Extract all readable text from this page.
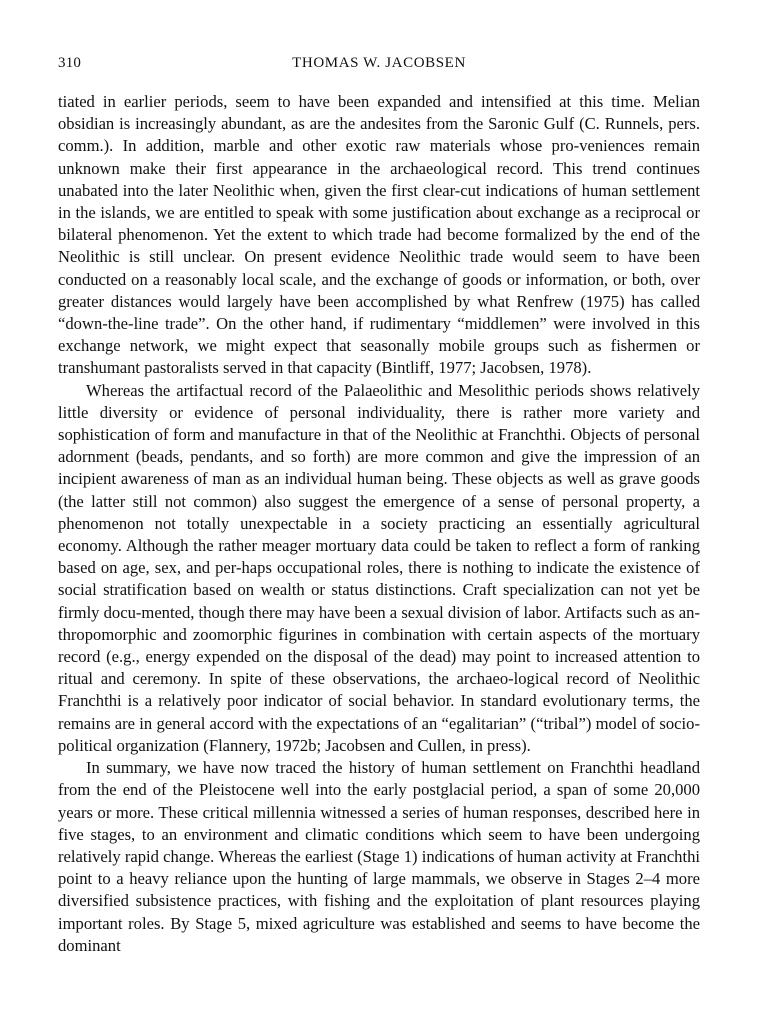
310	THOMAS W. JACOBSEN

tiated in earlier periods, seem to have been expanded and intensified at this time. Melian obsidian is increasingly abundant, as are the andesites from the Saronic Gulf (C. Runnels, pers. comm.). In addition, marble and other exotic raw materials whose pro-veniences remain unknown make their first appearance in the archaeological record. This trend continues unabated into the later Neolithic when, given the first clear-cut indications of human settlement in the islands, we are entitled to speak with some justification about exchange as a reciprocal or bilateral phenomenon. Yet the extent to which trade had become formalized by the end of the Neolithic is still unclear. On present evidence Neolithic trade would seem to have been conducted on a reasonably local scale, and the exchange of goods or information, or both, over greater distances would largely have been accomplished by what Renfrew (1975) has called “down-the-line trade”. On the other hand, if rudimentary “middlemen” were involved in this exchange network, we might expect that seasonally mobile groups such as fishermen or transhumant pastoralists served in that capacity (Bintliff, 1977; Jacobsen, 1978).

Whereas the artifactual record of the Palaeolithic and Mesolithic periods shows relatively little diversity or evidence of personal individuality, there is rather more variety and sophistication of form and manufacture in that of the Neolithic at Franchthi. Objects of personal adornment (beads, pendants, and so forth) are more common and give the impression of an incipient awareness of man as an individual human being. These objects as well as grave goods (the latter still not common) also suggest the emergence of a sense of personal property, a phenomenon not totally unexpectable in a society practicing an essentially agricultural economy. Although the rather meager mortuary data could be taken to reflect a form of ranking based on age, sex, and per-haps occupational roles, there is nothing to indicate the existence of social stratification based on wealth or status distinctions. Craft specialization can not yet be firmly docu-mented, though there may have been a sexual division of labor. Artifacts such as an-thropomorphic and zoomorphic figurines in combination with certain aspects of the mortuary record (e.g., energy expended on the disposal of the dead) may point to increased attention to ritual and ceremony. In spite of these observations, the archaeo-logical record of Neolithic Franchthi is a relatively poor indicator of social behavior. In standard evolutionary terms, the remains are in general accord with the expectations of an “egalitarian” (“tribal”) model of socio-political organization (Flannery, 1972b; Jacobsen and Cullen, in press).

In summary, we have now traced the history of human settlement on Franchthi headland from the end of the Pleistocene well into the early postglacial period, a span of some 20,000 years or more. These critical millennia witnessed a series of human responses, described here in five stages, to an environment and climatic conditions which seem to have been undergoing relatively rapid change. Whereas the earliest (Stage 1) indications of human activity at Franchthi point to a heavy reliance upon the hunting of large mammals, we observe in Stages 2–4 more diversified subsistence practices, with fishing and the exploitation of plant resources playing important roles. By Stage 5, mixed agriculture was established and seems to have become the dominant
